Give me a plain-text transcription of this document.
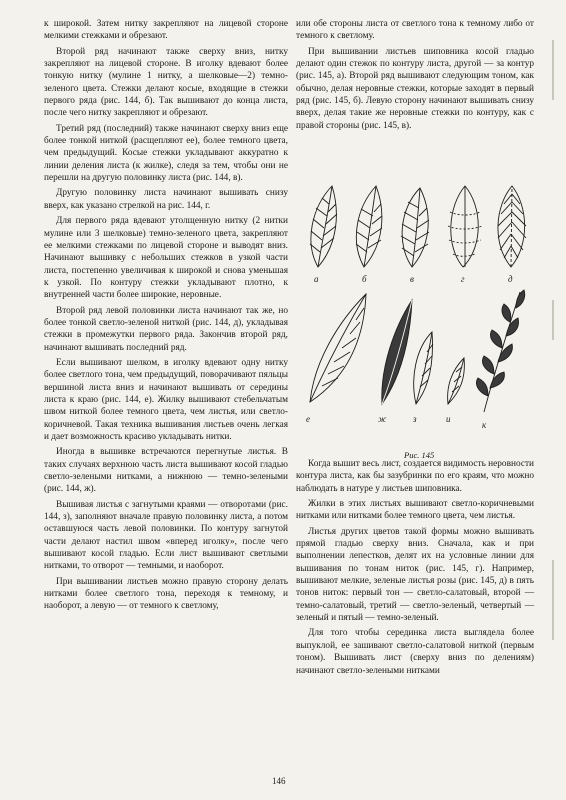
к широкой. Затем нитку закрепляют на лицевой стороне мелкими стежками и обрезают.

Второй ряд начинают также сверху вниз, нитку закрепляют на лицевой стороне. В иголку вдевают более тонкую нитку (мулине 1 нитку, а шелковые—2) темно-зеленого цвета. Стежки делают косые, входящие в стежки первого ряда (рис. 144, б). Так вышивают до конца листа, после чего нитку закрепляют и обрезают.

Третий ряд (последний) также начинают сверху вниз еще более тонкой ниткой (расщепляют ее), более темного цвета, чем предыдущий. Косые стежки укладывают аккуратно к линии деления листа (к жилке), следя за тем, чтобы они не перешли на другую половинку листа (рис. 144, в).

Другую половинку листа начинают вышивать снизу вверх, как указано стрелкой на рис. 144, г.

Для первого ряда вдевают утолщенную нитку (2 нитки мулине или 3 шелковые) темно-зеленого цвета, закрепляют ее мелкими стежками по лицевой стороне и выводят вниз. Начинают вышивку с небольших стежков в узкой части листа, постепенно увеличивая к широкой и снова уменьшая к узкой. По контуру стежки укладывают плотно, к внутренней части более широкие, неровные.

Второй ряд левой половинки листа начинают так же, но более тонкой светло-зеленой ниткой (рис. 144, д), укладывая стежки в промежутки первого ряда. Закончив второй ряд, начинают вышивать последний ряд.

Если вышивают шелком, в иголку вдевают одну нитку более светлого тона, чем предыдущий, поворачивают пяльцы вершиной листа вниз и начинают вышивать от середины листа к краю (рис. 144, е). Жилку вышивают стебельчатым швом ниткой более темного цвета, чем листья, или светло-коричневой. Такая техника вышивания листьев очень легкая и дает возможность красиво укладывать нитки.

Иногда в вышивке встречаются перегнутые листья. В таких случаях верхнюю часть листа вышивают косой гладью светло-зелеными нитками, а нижнюю — темно-зелеными (рис. 144, ж).

Вышивая листья с загнутыми краями — отворотами (рис. 144, з), заполняют вначале правую половинку листа, а потом оставшуюся часть левой половинки. По контуру загнутой части делают настил швом «вперед иголку», после чего вышивают косой гладью. Если лист вышивают светлыми нитками, то отворот — темными, и наоборот.

При вышивании листьев можно правую сторону делать нитками более светлого тона, переходя к темному, и наоборот, а левую — от темного к светлому,

или обе стороны листа от светлого тона к темному либо от темного к светлому.

При вышивании листьев шиповника косой гладью делают один стежок по контуру листа, другой — за контур (рис. 145, а). Второй ряд вышивают следующим тоном, как обычно, делая неровные стежки, которые заходят в первый ряд (рис. 145, б). Левую сторону начинают вышивать снизу вверх, делая такие же неровные стежки по контуру, как с правой стороны (рис. 145, в).

а	б	в	г	д
е	ж	з	и
к
Рис. 145

Когда вышит весь лист, создается видимость неровности контура листа, как бы зазубринки по его краям, что можно наблюдать в натуре у листьев шиповника.

Жилки в этих листьях вышивают светло-коричневыми нитками или нитками более темного цвета, чем листья.

Листья других цветов такой формы можно вышивать прямой гладью сверху вниз. Сначала, как и при выполнении лепестков, делят их на условные линии для вышивания по тонам ниток (рис. 145, г). Например, вышивают мелкие, зеленые листья розы (рис. 145, д) в пять тонов ниток: первый тон — светло-салатовый, второй — темно-салатовый, третий — светло-зеленый, четвертый — зеленый и пятый — темно-зеленый.

Для того чтобы серединка листа выглядела более выпуклой, ее зашивают светло-салатовой ниткой (первым тоном). Вышивать лист (сверху вниз по делениям) начинают светло-зелеными нитками

146
